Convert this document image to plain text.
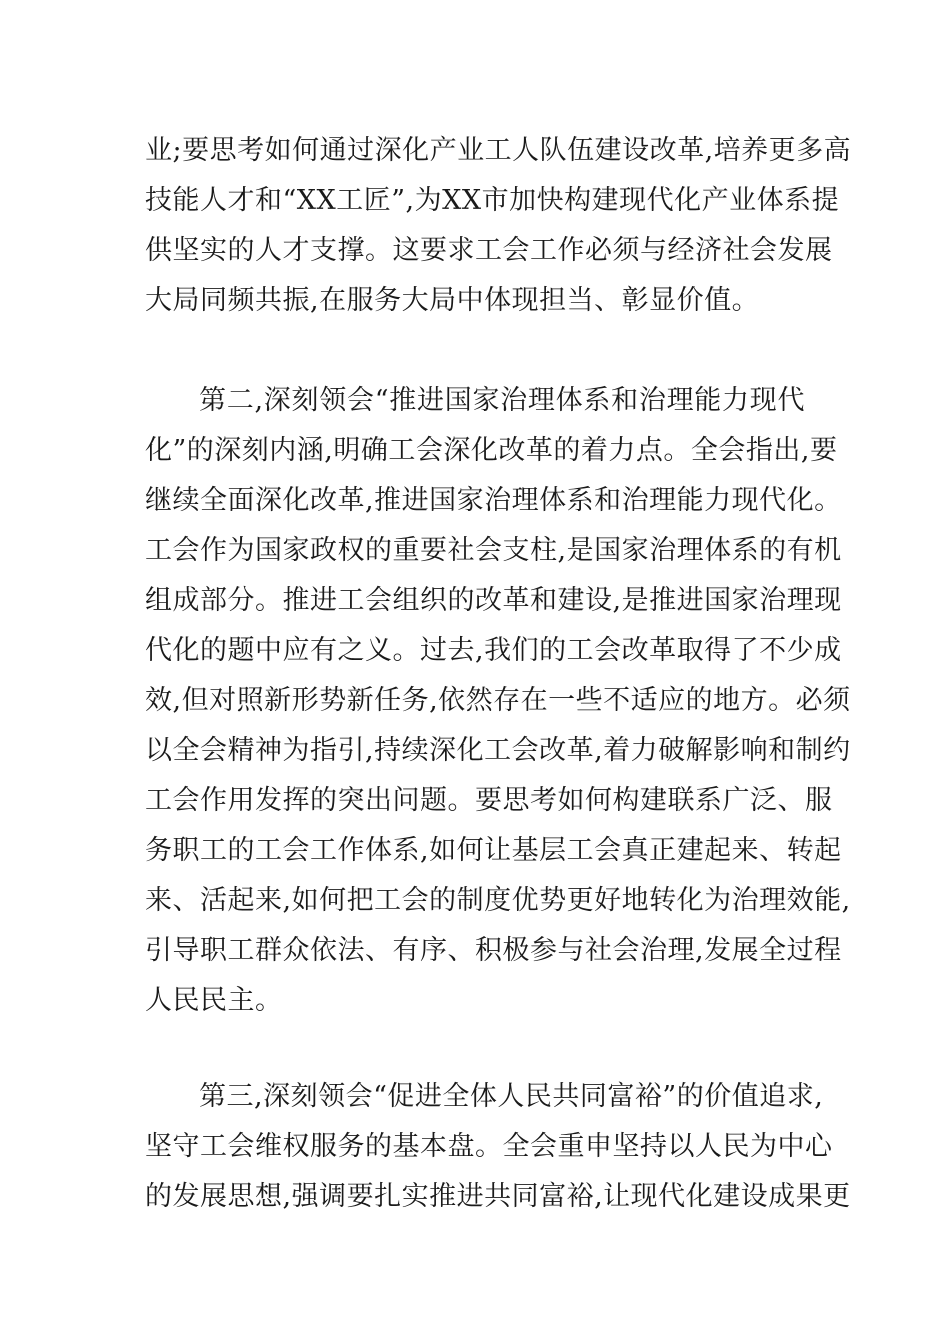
业;要思考如何通过深化产业工人队伍建设改革,培养更多高
技能人才和“XX工匠”,为XX市加快构建现代化产业体系提
供坚实的人才支撑。这要求工会工作必须与经济社会发展
大局同频共振,在服务大局中体现担当、彰显价值。
第二,深刻领会“推进国家治理体系和治理能力现代
化”的深刻内涵,明确工会深化改革的着力点。全会指出,要
继续全面深化改革,推进国家治理体系和治理能力现代化。
工会作为国家政权的重要社会支柱,是国家治理体系的有机
组成部分。推进工会组织的改革和建设,是推进国家治理现
代化的题中应有之义。过去,我们的工会改革取得了不少成
效,但对照新形势新任务,依然存在一些不适应的地方。必须
以全会精神为指引,持续深化工会改革,着力破解影响和制约
工会作用发挥的突出问题。要思考如何构建联系广泛、服
务职工的工会工作体系,如何让基层工会真正建起来、转起
来、活起来,如何把工会的制度优势更好地转化为治理效能,
引导职工群众依法、有序、积极参与社会治理,发展全过程
人民民主。
第三,深刻领会“促进全体人民共同富裕”的价值追求,
坚守工会维权服务的基本盘。全会重申坚持以人民为中心
的发展思想,强调要扎实推进共同富裕,让现代化建设成果更
